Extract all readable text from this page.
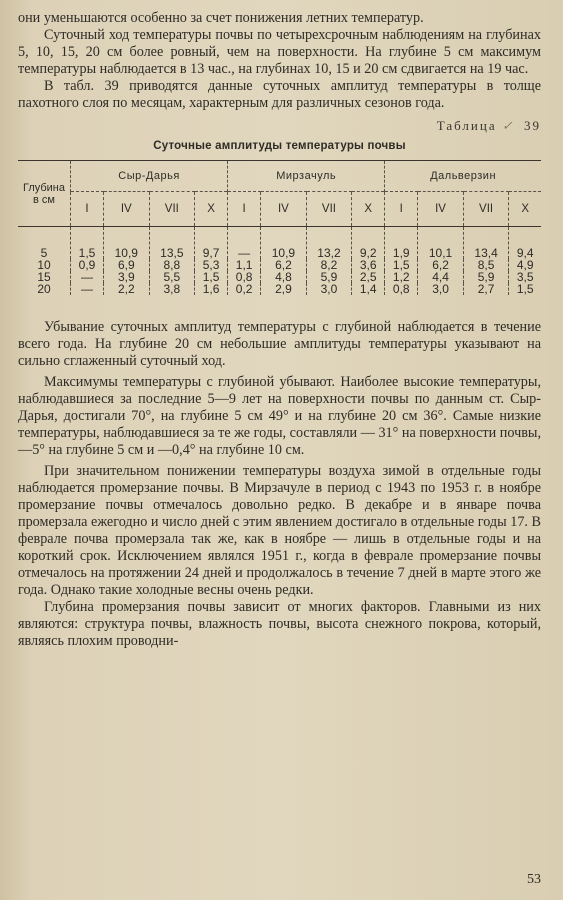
они уменьшаются особенно за счет понижения летних температур.

Суточный ход температуры почвы по четырехсрочным наблюдениям на глубинах 5, 10, 15, 20 см более ровный, чем на поверхности. На глубине 5 см максимум температуры наблюдается в 13 час., на глубинах 10, 15 и 20 см сдвигается на 19 час.

В табл. 39 приводятся данные суточных амплитуд температуры в толще пахотного слоя по месяцам, характерным для различных сезонов года.

Таблица ✓ 39
Суточные амплитуды температуры почвы
Глубина
в см	Сыр-Дарья				Мирзачуль				Дальверзин			
	I	IV	VII	X	I	IV	VII	X	I	IV	VII	X
5	1,5	10,9	13,5	9,7	—	10,9	13,2	9,2	1,9	10,1	13,4	9,4
10	0,9	6,9	8,8	5,3	1,1	6,2	8,2	3,6	1,5	6,2	8,5	4,9
15	—	3,9	5,5	1,5	0,8	4,8	5,9	2,5	1,2	4,4	5,9	3,5
20	—	2,2	3,8	1,6	0,2	2,9	3,0	1,4	0,8	3,0	2,7	1,5

Убывание суточных амплитуд температуры с глубиной наблюдается в течение всего года. На глубине 20 см небольшие амплитуды температуры указывают на сильно сглаженный суточный ход.

Максимумы температуры с глубиной убывают. Наиболее высокие температуры, наблюдавшиеся за последние 5—9 лет на поверхности почвы по данным ст. Сыр-Дарья, достигали 70°, на глубине 5 см 49° и на глубине 20 см 36°. Самые низкие температуры, наблюдавшиеся за те же годы, составляли — 31° на поверхности почвы, —5° на глубине 5 см и —0,4° на глубине 10 см.

При значительном понижении температуры воздуха зимой в отдельные годы наблюдается промерзание почвы. В Мирзачуле в период с 1943 по 1953 г. в ноябре промерзание почвы отмечалось довольно редко. В декабре и в январе почва промерзала ежегодно и число дней с этим явлением достигало в отдельные годы 17. В феврале почва промерзала так же, как в ноябре — лишь в отдельные годы и на короткий срок. Исключением являлся 1951 г., когда в феврале промерзание почвы отмечалось на протяжении 24 дней и продолжалось в течение 7 дней в марте этого же года. Однако такие холодные весны очень редки.

Глубина промерзания почвы зависит от многих факторов. Главными из них являются: структура почвы, влажность почвы, высота снежного покрова, который, являясь плохим проводни-

53
